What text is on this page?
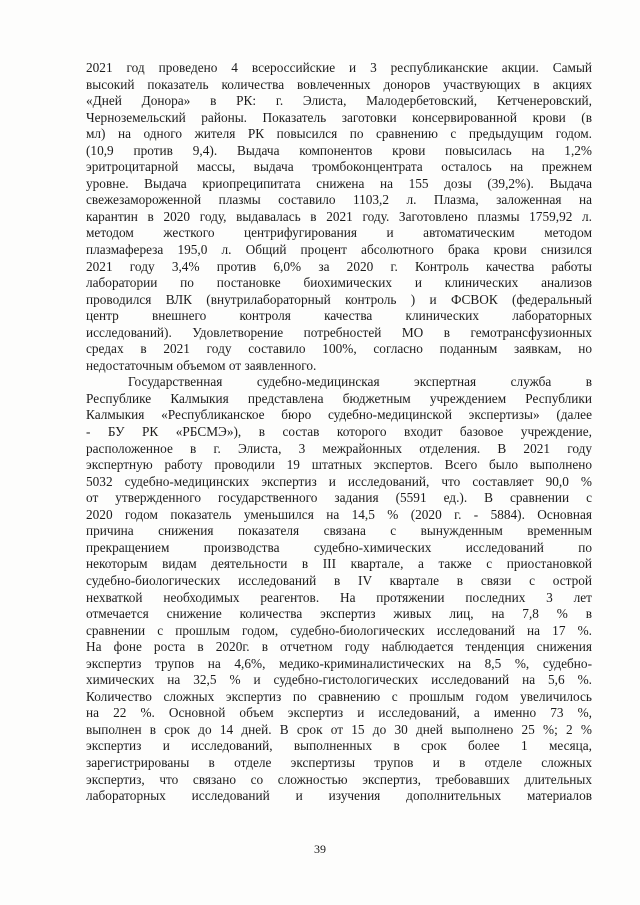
2021 год проведено 4 всероссийские и 3 республиканские акции. Самый
высокий показатель количества вовлеченных доноров участвующих в акциях
«Дней Донора» в РК: г. Элиста, Малодербетовский, Кетченеровский,
Черноземельский районы. Показатель заготовки консервированной крови (в
мл) на одного жителя РК повысился по сравнению с предыдущим годом.
(10,9 против 9,4). Выдача компонентов крови повысилась на 1,2%
эритроцитарной массы, выдача тромбоконцентрата осталось на прежнем
уровне. Выдача криопреципитата снижена на 155 дозы (39,2%). Выдача
свежезамороженной плазмы составило 1103,2 л. Плазма, заложенная на
карантин в 2020 году, выдавалась в 2021 году. Заготовлено плазмы 1759,92 л.
методом жесткого центрифугирования и автоматическим методом
плазмафереза 195,0 л. Общий процент абсолютного брака крови снизился
2021 году 3,4% против 6,0% за 2020 г. Контроль качества работы
лаборатории по постановке биохимических и клинических анализов
проводился ВЛК (внутрилабораторный контроль ) и ФСВОК (федеральный
центр внешнего контроля качества клинических лабораторных
исследований). Удовлетворение потребностей МО в гемотрансфузионных
средах в 2021 году составило 100%, согласно поданным заявкам, но
недостаточным объемом от заявленного.
Государственная судебно-медицинская экспертная служба в
Республике Калмыкия представлена бюджетным учреждением Республики
Калмыкия «Республиканское бюро судебно-медицинской экспертизы» (далее
- БУ РК «РБСМЭ»), в состав которого входит базовое учреждение,
расположенное в г. Элиста, 3 межрайонных отделения. В 2021 году
экспертную работу проводили 19 штатных экспертов. Всего было выполнено
5032 судебно-медицинских экспертиз и исследований, что составляет 90,0 %
от утвержденного государственного задания (5591 ед.). В сравнении с
2020 годом показатель уменьшился на 14,5 % (2020 г. - 5884). Основная
причина снижения показателя связана с вынужденным временным
прекращением производства судебно-химических исследований по
некоторым видам деятельности в III квартале, а также с приостановкой
судебно-биологических исследований в IV квартале в связи с острой
нехваткой необходимых реагентов. На протяжении последних 3 лет
отмечается снижение количества экспертиз живых лиц, на 7,8 % в
сравнении с прошлым годом, судебно-биологических исследований на 17 %.
На фоне роста в 2020г. в отчетном году наблюдается тенденция снижения
экспертиз трупов на 4,6%, медико-криминалистических на 8,5 %, судебно-
химических на 32,5 % и судебно-гистологических исследований на 5,6 %.
Количество сложных экспертиз по сравнению с прошлым годом увеличилось
на 22 %. Основной объем экспертиз и исследований, а именно 73 %,
выполнен в срок до 14 дней. В срок от 15 до 30 дней выполнено 25 %; 2 %
экспертиз и исследований, выполненных в срок более 1 месяца,
зарегистрированы в отделе экспертизы трупов и в отделе сложных
экспертиз, что связано со сложностью экспертиз, требовавших длительных
лабораторных исследований и изучения дополнительных материалов
39
